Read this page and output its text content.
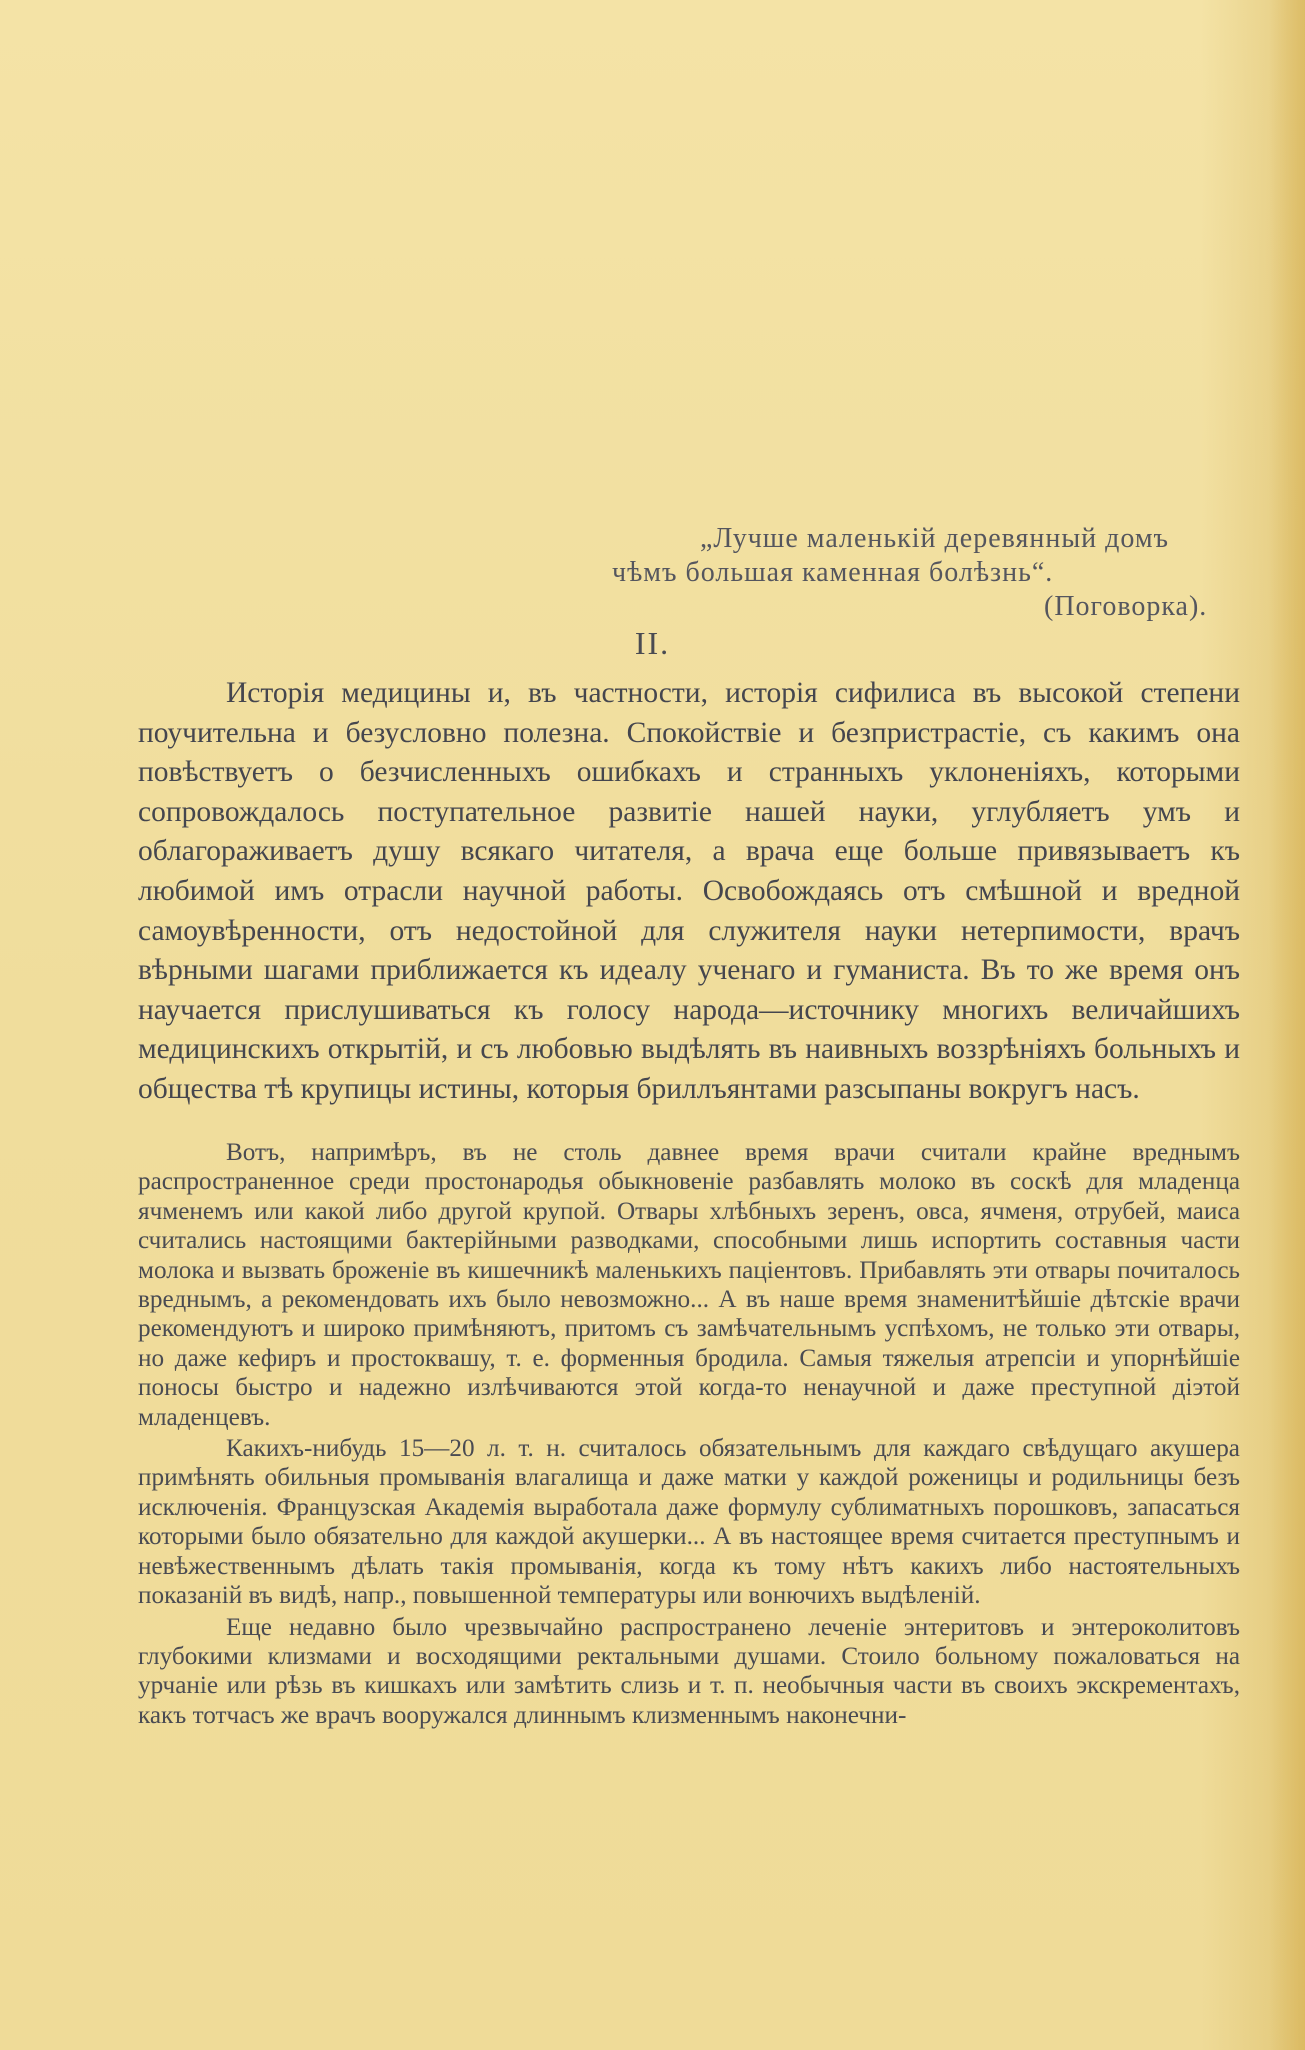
„Лучше маленькій деревянный домъ
чѣмъ большая каменная болѣзнь“.
(Поговорка).
II.

Исторія медицины и, въ частности, исторія сифилиса въ высокой степени поучительна и безусловно полезна. Спокойствіе и безпристрастіе, съ какимъ она повѣствуетъ о безчисленныхъ ошибкахъ и странныхъ уклоненіяхъ, которыми сопровождалось поступательное развитіе нашей науки, углубляетъ умъ и облагораживаетъ душу всякаго читателя, а врача еще больше привязываетъ къ любимой имъ отрасли научной работы. Освобождаясь отъ смѣшной и вредной самоувѣренности, отъ недостойной для служителя науки нетерпимости, врачъ вѣрными шагами приближается къ идеалу ученаго и гуманиста. Въ то же время онъ научается прислушиваться къ голосу народа—источнику многихъ величайшихъ медицинскихъ открытій, и съ любовью выдѣлять въ наивныхъ воззрѣніяхъ больныхъ и общества тѣ крупицы истины, которыя бриллъянтами разсыпаны вокругъ насъ.

Вотъ, напримѣръ, въ не столь давнее время врачи считали крайне вреднымъ распространенное среди простонародья обыкновеніе разбавлять молоко въ соскѣ для младенца ячменемъ или какой либо другой крупой. Отвары хлѣбныхъ зеренъ, овса, ячменя, отрубей, маиса считались настоящими бактерійными разводками, способными лишь испортить составныя части молока и вызвать броженіе въ кишечникѣ маленькихъ паціентовъ. Прибавлять эти отвары почиталось вреднымъ, а рекомендовать ихъ было невозможно... А въ наше время знаменитѣйшіе дѣтскіе врачи рекомендуютъ и широко примѣняютъ, притомъ съ замѣчательнымъ успѣхомъ, не только эти отвары, но даже кефиръ и простоквашу, т. е. форменныя бродила. Самыя тяжелыя атрепсіи и упорнѣйшіе поносы быстро и надежно излѣчиваются этой когда-то ненаучной и даже преступной діэтой младенцевъ.

Какихъ-нибудь 15—20 л. т. н. считалось обязательнымъ для каждаго свѣдущаго акушера примѣнять обильныя промыванія влагалища и даже матки у каждой роженицы и родильницы безъ исключенія. Французская Академія выработала даже формулу сублиматныхъ порошковъ, запасаться которыми было обязательно для каждой акушерки... А въ настоящее время считается преступнымъ и невѣжественнымъ дѣлать такія промыванія, когда къ тому нѣтъ какихъ либо настоятельныхъ показаній въ видѣ, напр., повышенной температуры или вонючихъ выдѣленій.

Еще недавно было чрезвычайно распространено леченіе энтеритовъ и энтероколитовъ глубокими клизмами и восходящими ректальными душами. Стоило больному пожаловаться на урчаніе или рѣзь въ кишкахъ или замѣтить слизь и т. п. необычныя части въ своихъ экскрементахъ, какъ тотчасъ же врачъ вооружался длиннымъ клизменнымъ наконечни-
